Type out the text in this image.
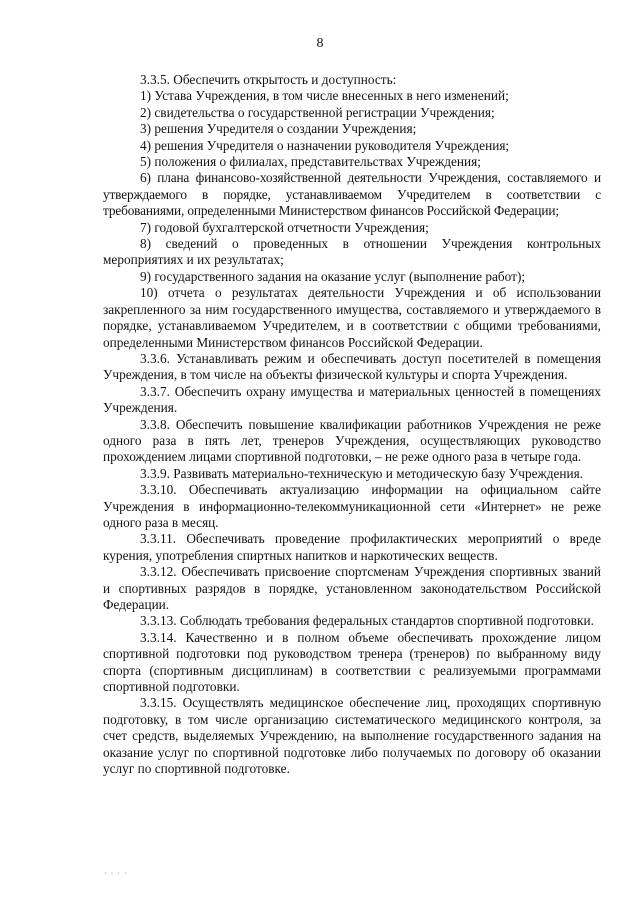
8

3.3.5. Обеспечить открытость и доступность:

1) Устава Учреждения, в том числе внесенных в него изменений;

2) свидетельства о государственной регистрации Учреждения;

3) решения Учредителя о создании Учреждения;

4) решения Учредителя о назначении руководителя Учреждения;

5) положения о филиалах, представительствах Учреждения;

6) плана финансово-хозяйственной деятельности Учреждения, составляемого и утверждаемого в порядке, устанавливаемом Учредителем в соответствии с требованиями, определенными Министерством финансов Российской Федерации;

7) годовой бухгалтерской отчетности Учреждения;

8) сведений о проведенных в отношении Учреждения контрольных мероприятиях и их результатах;

9) государственного задания на оказание услуг (выполнение работ);

10) отчета о результатах деятельности Учреждения и об использовании закрепленного за ним государственного имущества, составляемого и утверждаемого в порядке, устанавливаемом Учредителем, и в соответствии с общими требованиями, определенными Министерством финансов Российской Федерации.

3.3.6. Устанавливать режим и обеспечивать доступ посетителей в помещения Учреждения, в том числе на объекты физической культуры и спорта Учреждения.

3.3.7. Обеспечить охрану имущества и материальных ценностей в помещениях Учреждения.

3.3.8. Обеспечить повышение квалификации работников Учреждения не реже одного раза в пять лет, тренеров Учреждения, осуществляющих руководство прохождением лицами спортивной подготовки, – не реже одного раза в четыре года.

3.3.9. Развивать материально-техническую и методическую базу Учреждения.

3.3.10. Обеспечивать актуализацию информации на официальном сайте Учреждения в информационно-телекоммуникационной сети «Интернет» не реже одного раза в месяц.

3.3.11. Обеспечивать проведение профилактических мероприятий о вреде курения, употребления спиртных напитков и наркотических веществ.

3.3.12. Обеспечивать присвоение спортсменам Учреждения спортивных званий и спортивных разрядов в порядке, установленном законодательством Российской Федерации.

3.3.13. Соблюдать требования федеральных стандартов спортивной подготовки.

3.3.14. Качественно и в полном объеме обеспечивать прохождение лицом спортивной подготовки под руководством тренера (тренеров) по выбранному виду спорта (спортивным дисциплинам) в соответствии с реализуемыми программами спортивной подготовки.

3.3.15. Осуществлять медицинское обеспечение лиц, проходящих спортивную подготовку, в том числе организацию систематического медицинского контроля, за счет средств, выделяемых Учреждению, на выполнение государственного задания на оказание услуг по спортивной подготовке либо получаемых по договору об оказании услуг по спортивной подготовке.

· · · ·
